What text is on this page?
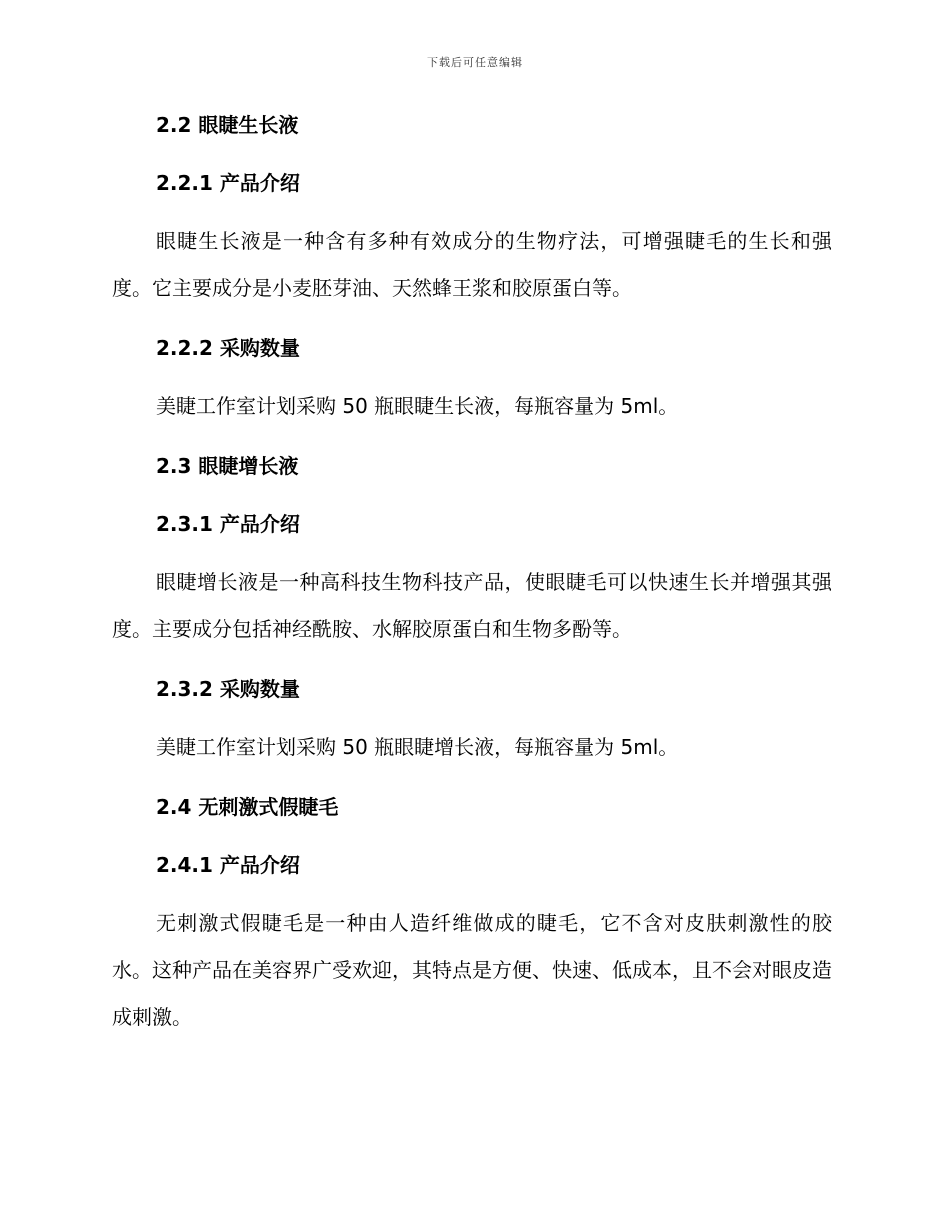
下载后可任意编辑
2.2 眼睫生长液
2.2.1 产品介绍

眼睫生长液是一种含有多种有效成分的生物疗法，可增强睫毛的生长和强度。它主要成分是小麦胚芽油、天然蜂王浆和胶原蛋白等。

2.2.2 采购数量

美睫工作室计划采购 50 瓶眼睫生长液，每瓶容量为 5ml。

2.3 眼睫增长液
2.3.1 产品介绍

眼睫增长液是一种高科技生物科技产品，使眼睫毛可以快速生长并增强其强度。主要成分包括神经酰胺、水解胶原蛋白和生物多酚等。

2.3.2 采购数量

美睫工作室计划采购 50 瓶眼睫增长液，每瓶容量为 5ml。

2.4 无刺激式假睫毛
2.4.1 产品介绍

无刺激式假睫毛是一种由人造纤维做成的睫毛，它不含对皮肤刺激性的胶水。这种产品在美容界广受欢迎，其特点是方便、快速、低成本，且不会对眼皮造成刺激。
